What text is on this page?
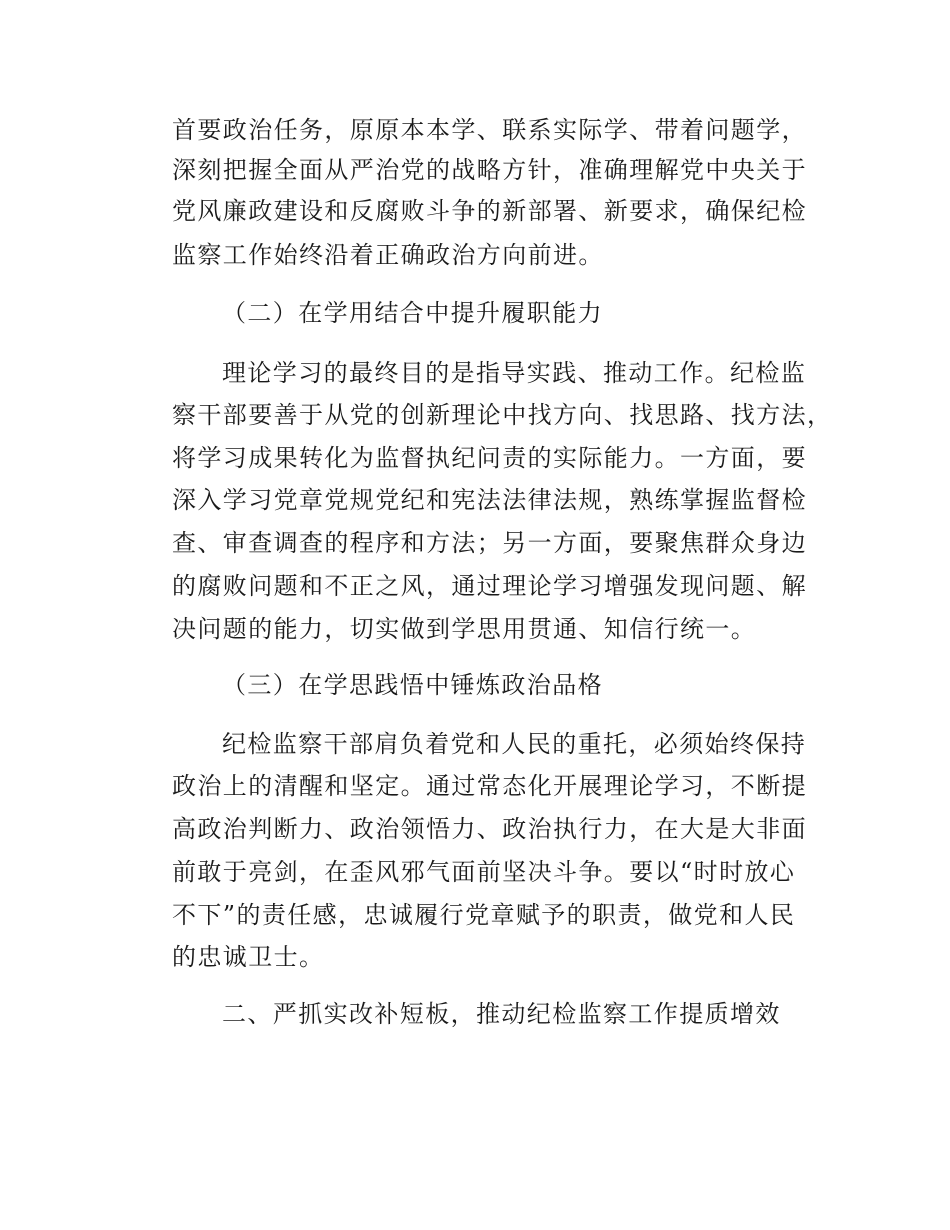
首要政治任务，原原本本学、联系实际学、带着问题学，
深刻把握全面从严治党的战略方针，准确理解党中央关于
党风廉政建设和反腐败斗争的新部署、新要求，确保纪检
监察工作始终沿着正确政治方向前进。
（二）在学用结合中提升履职能力
理论学习的最终目的是指导实践、推动工作。纪检监
察干部要善于从党的创新理论中找方向、找思路、找方法，
将学习成果转化为监督执纪问责的实际能力。一方面，要
深入学习党章党规党纪和宪法法律法规，熟练掌握监督检
查、审查调查的程序和方法；另一方面，要聚焦群众身边
的腐败问题和不正之风，通过理论学习增强发现问题、解
决问题的能力，切实做到学思用贯通、知信行统一。
（三）在学思践悟中锤炼政治品格
纪检监察干部肩负着党和人民的重托，必须始终保持
政治上的清醒和坚定。通过常态化开展理论学习，不断提
高政治判断力、政治领悟力、政治执行力，在大是大非面
前敢于亮剑，在歪风邪气面前坚决斗争。要以“时时放心
不下”的责任感，忠诚履行党章赋予的职责，做党和人民
的忠诚卫士。
二、严抓实改补短板，推动纪检监察工作提质增效
